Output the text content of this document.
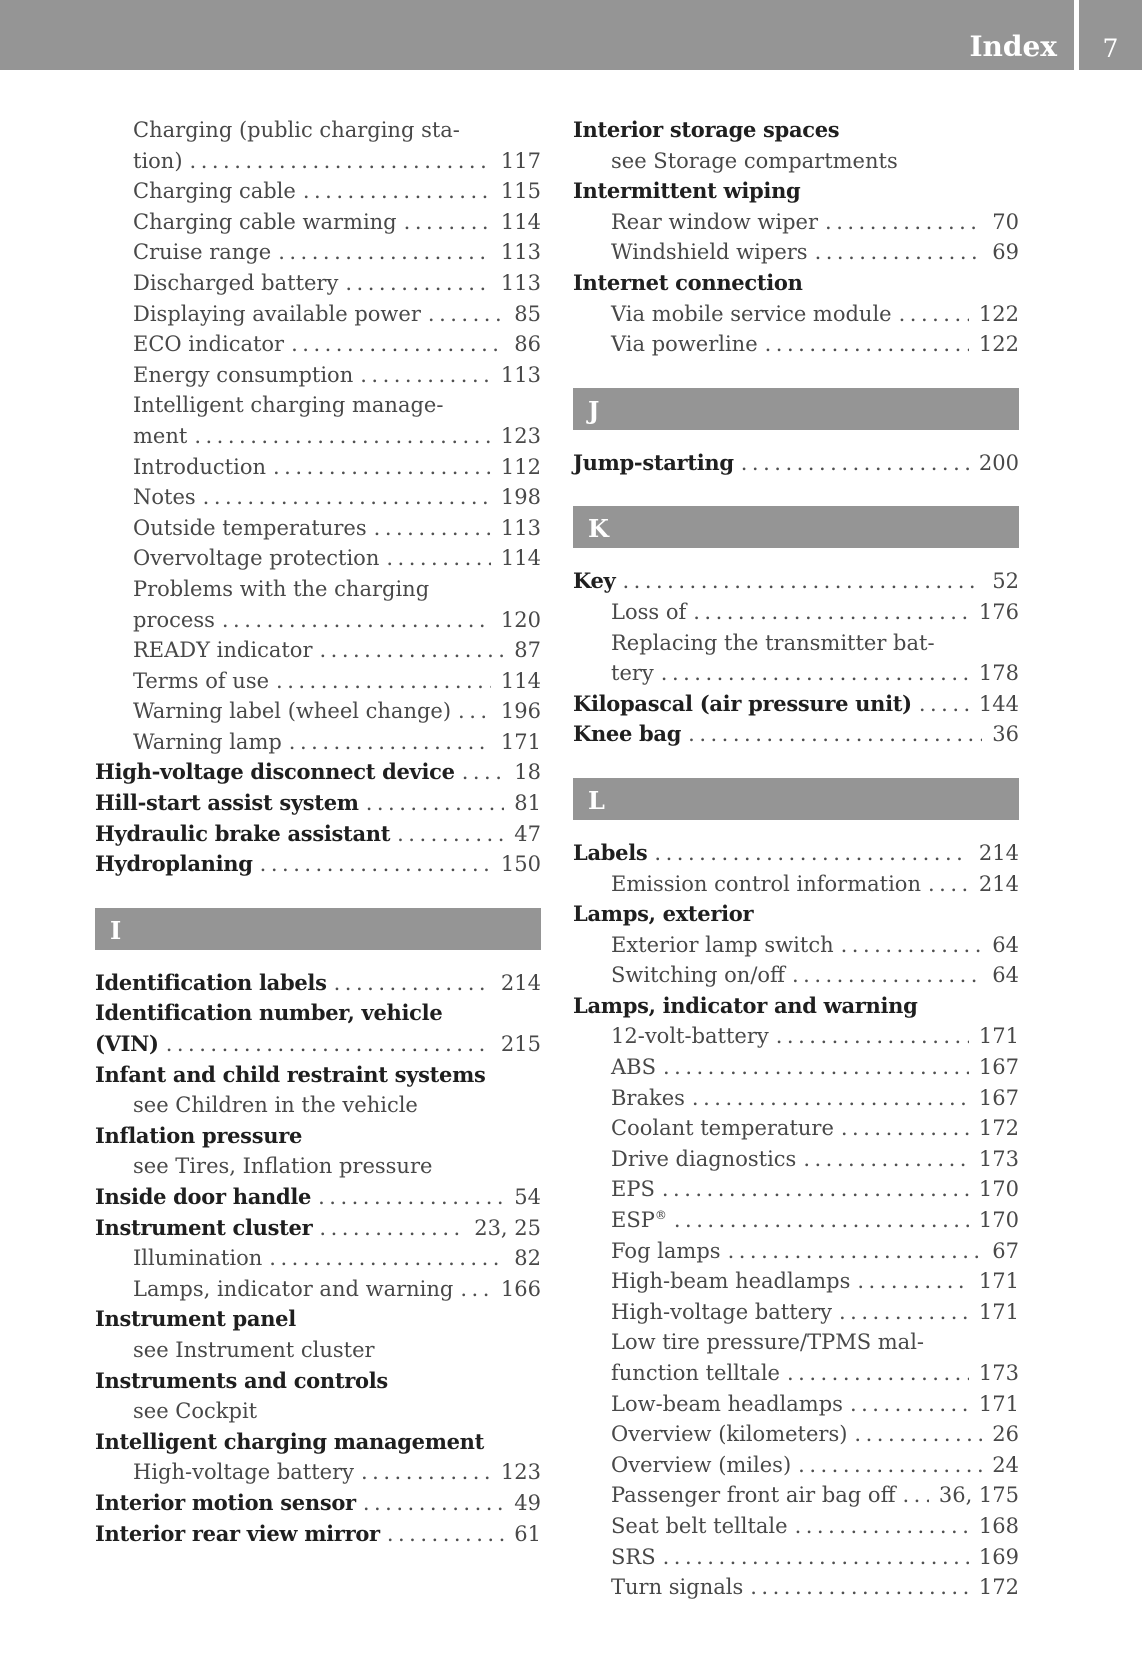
Index 7
Charging (public charging sta-
tion) .....	117
Charging cable .....	115
Charging cable warming .....	114
Cruise range .....	113
Discharged battery .....	113
Displaying available power .....	85
ECO indicator .....	86
Energy consumption .....	113
Intelligent charging manage-
ment .....	123
Introduction .....	112
Notes .....	198
Outside temperatures .....	113
Overvoltage protection .....	114
Problems with the charging
process .....	120
READY indicator .....	87
Terms of use .....	114
Warning label (wheel change) .....	196
Warning lamp .....	171
High-voltage disconnect device .....	18
Hill-start assist system .....	81
Hydraulic brake assistant .....	47
Hydroplaning .....	150
I
Identification labels .....	214
Identification number, vehicle
(VIN) .....	215
Infant and child restraint systems
see Children in the vehicle
Inflation pressure
see Tires, Inflation pressure
Inside door handle .....	54
Instrument cluster .....	23, 25
Illumination .....	82
Lamps, indicator and warning .....	166
Instrument panel
see Instrument cluster
Instruments and controls
see Cockpit
Intelligent charging management
High-voltage battery .....	123
Interior motion sensor .....	49
Interior rear view mirror .....	61
Interior storage spaces
see Storage compartments
Intermittent wiping
Rear window wiper .....	70
Windshield wipers .....	69
Internet connection
Via mobile service module .....	122
Via powerline .....	122
J
Jump-starting .....	200
K
Key .....	52
Loss of .....	176
Replacing the transmitter bat-
tery .....	178
Kilopascal (air pressure unit) .....	144
Knee bag .....	36
L
Labels .....	214
Emission control information .....	214
Lamps, exterior
Exterior lamp switch .....	64
Switching on/off .....	64
Lamps, indicator and warning
12-volt-battery .....	171
ABS .....	167
Brakes .....	167
Coolant temperature .....	172
Drive diagnostics .....	173
EPS .....	170
ESP® .....	170
Fog lamps .....	67
High-beam headlamps .....	171
High-voltage battery .....	171
Low tire pressure/TPMS mal-
function telltale .....	173
Low-beam headlamps .....	171
Overview (kilometers) .....	26
Overview (miles) .....	24
Passenger front air bag off .....	36, 175
Seat belt telltale .....	168
SRS .....	169
Turn signals .....	172
